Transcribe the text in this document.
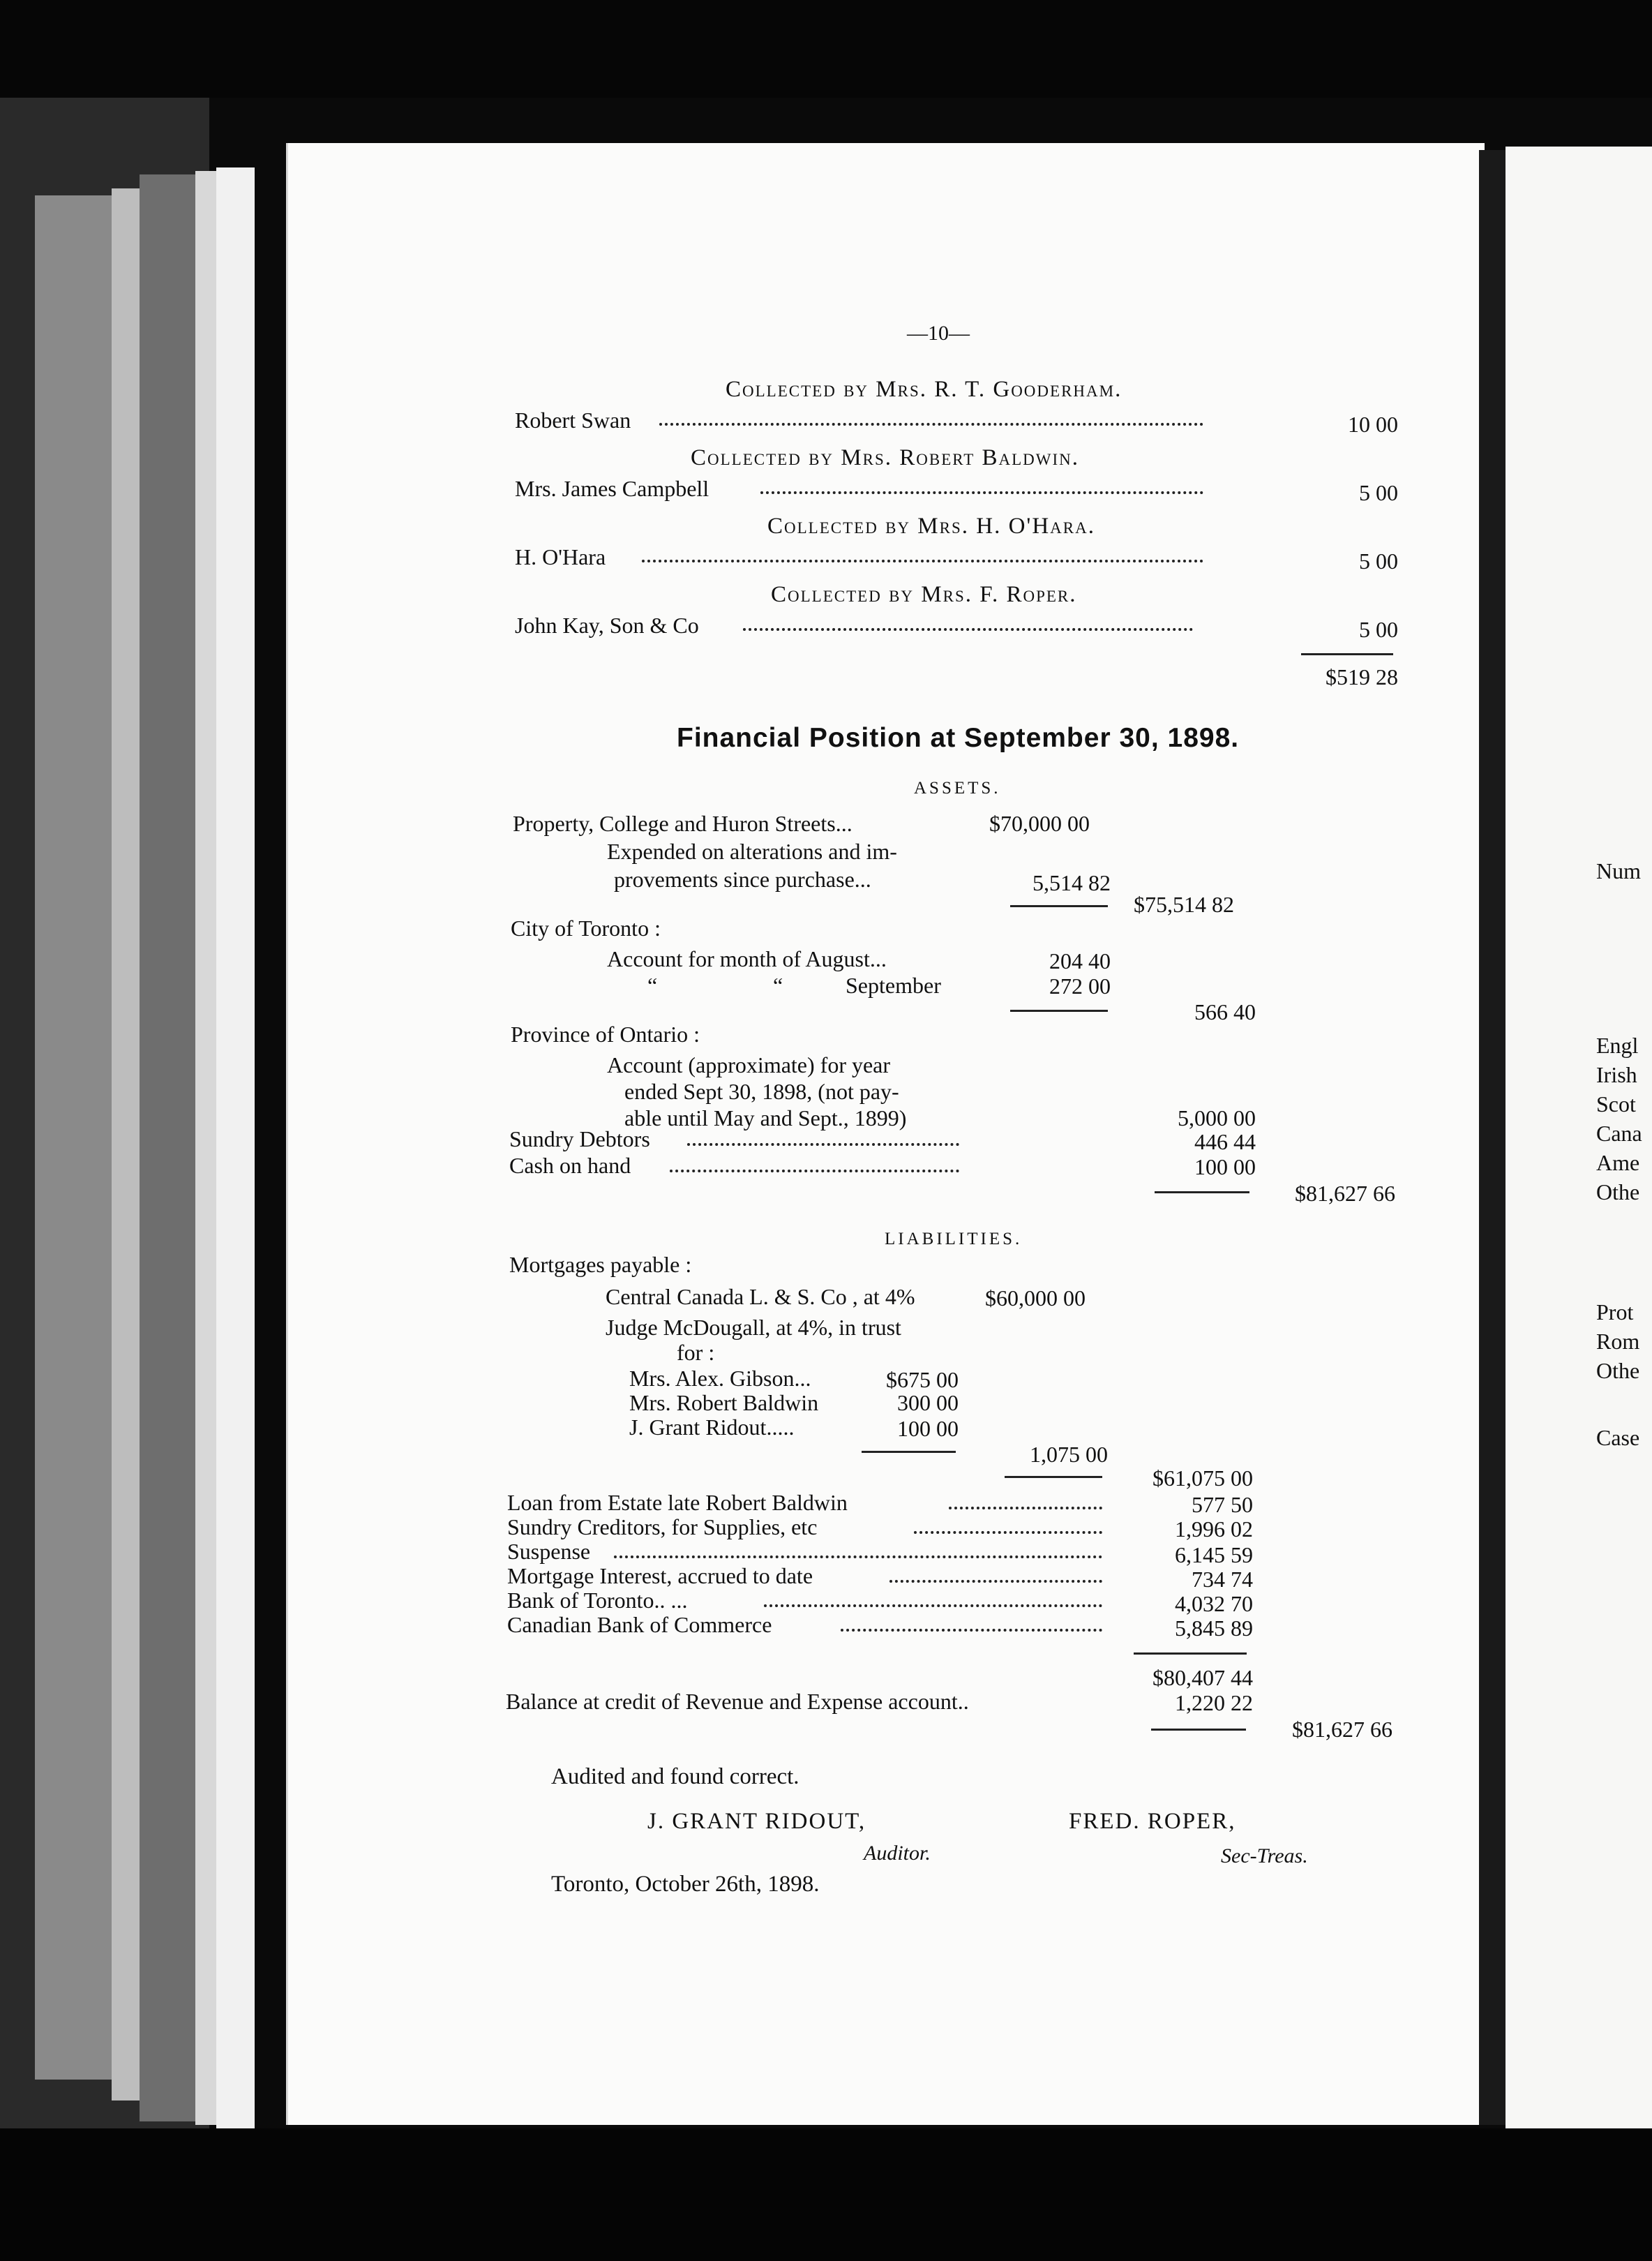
Num
Engl
Irish
Scot
Cana
Ame
Othe
Prot
Rom
Othe
Case
—10—
Collected by Mrs. R. T. Gooderham.
Robert Swan	10 00
Collected by Mrs. Robert Baldwin.
Mrs. James Campbell	5 00
Collected by Mrs. H. O'Hara.
H. O'Hara	5 00
Collected by Mrs. F. Roper.
John Kay, Son & Co	5 00
$519 28
Financial Position at September 30, 1898.
ASSETS.
Property, College and Huron Streets...	$70,000 00
Expended on alterations and im-
provements since purchase...	5,514 82
$75,514 82
City of Toronto :
Account for month of August...	204 40
“	“	September	272 00
566 40
Province of Ontario :
Account (approximate) for year
ended Sept 30, 1898, (not pay-
able until May and Sept., 1899)	5,000 00
Sundry Debtors	446 44
Cash on hand	100 00
$81,627 66
LIABILITIES.
Mortgages payable :
Central Canada L. & S. Co , at 4%	$60,000 00
Judge McDougall, at 4%, in trust
for :
Mrs. Alex. Gibson...	$675 00
Mrs. Robert Baldwin	300 00
J. Grant Ridout.....	100 00
1,075 00
$61,075 00
Loan from Estate late Robert Baldwin	577 50
Sundry Creditors, for Supplies, etc	1,996 02
Suspense	6,145 59
Mortgage Interest, accrued to date	734 74
Bank of Toronto.. ...	4,032 70
Canadian Bank of Commerce	5,845 89
$80,407 44
Balance at credit of Revenue and Expense account..	1,220 22
$81,627 66
Audited and found correct.
J. GRANT RIDOUT,	FRED. ROPER,
Auditor.	Sec-Treas.
Toronto, October 26th, 1898.
